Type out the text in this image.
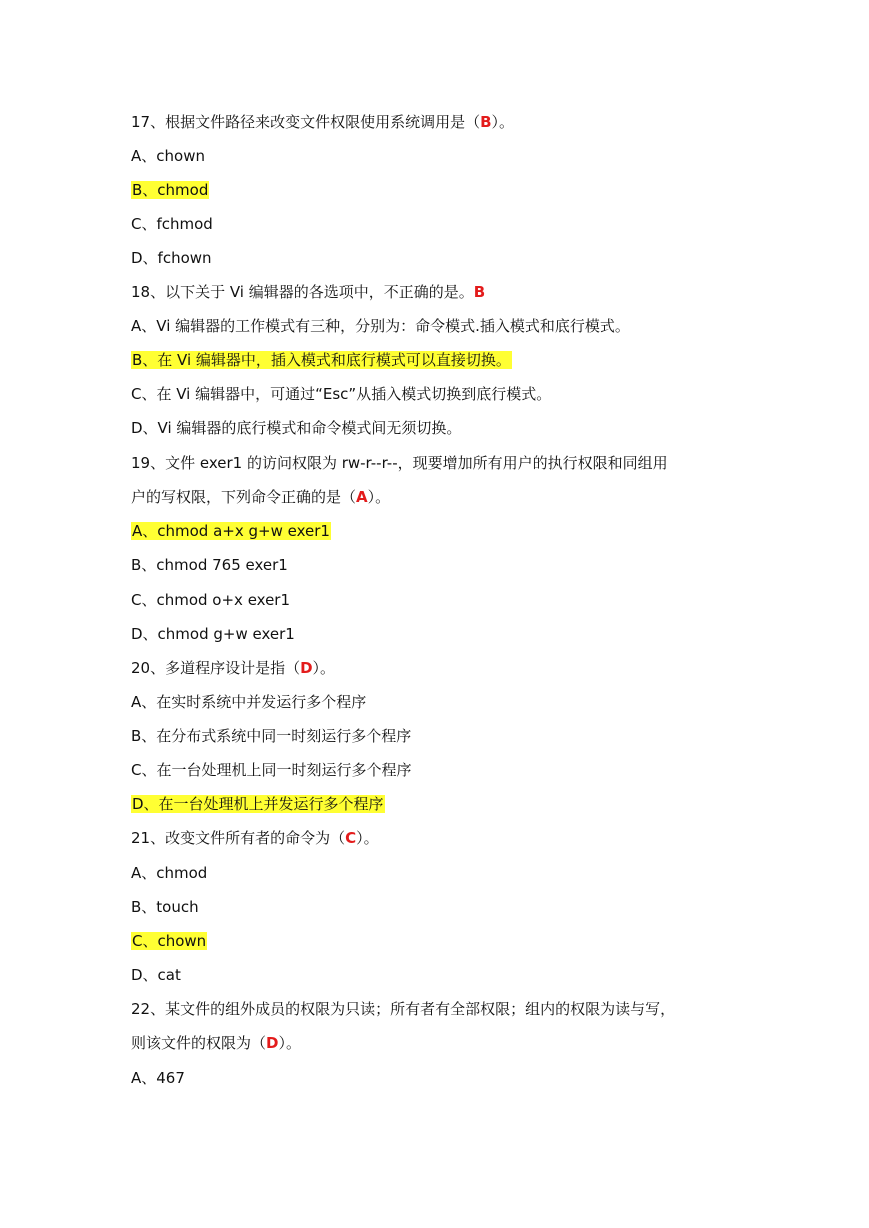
17、根据文件路径来改变文件权限使用系统调用是（B）。
A、chown
B、chmod
C、fchmod
D、fchown
18、以下关于 Vi 编辑器的各选项中，不正确的是。B
A、Vi 编辑器的工作模式有三种，分别为：命令模式.插入模式和底行模式。
B、在 Vi 编辑器中，插入模式和底行模式可以直接切换。
C、在 Vi 编辑器中，可通过“Esc”从插入模式切换到底行模式。
D、Vi 编辑器的底行模式和命令模式间无须切换。
19、文件 exer1 的访问权限为 rw-r--r--，现要增加所有用户的执行权限和同组用
户的写权限，下列命令正确的是（A）。
A、chmod a+x g+w exer1
B、chmod 765 exer1
C、chmod o+x exer1
D、chmod g+w exer1
20、多道程序设计是指（D）。
A、在实时系统中并发运行多个程序
B、在分布式系统中同一时刻运行多个程序
C、在一台处理机上同一时刻运行多个程序
D、在一台处理机上并发运行多个程序
21、改变文件所有者的命令为（C）。
A、chmod
B、touch
C、chown
D、cat
22、某文件的组外成员的权限为只读；所有者有全部权限；组内的权限为读与写，
则该文件的权限为（D）。
A、467
